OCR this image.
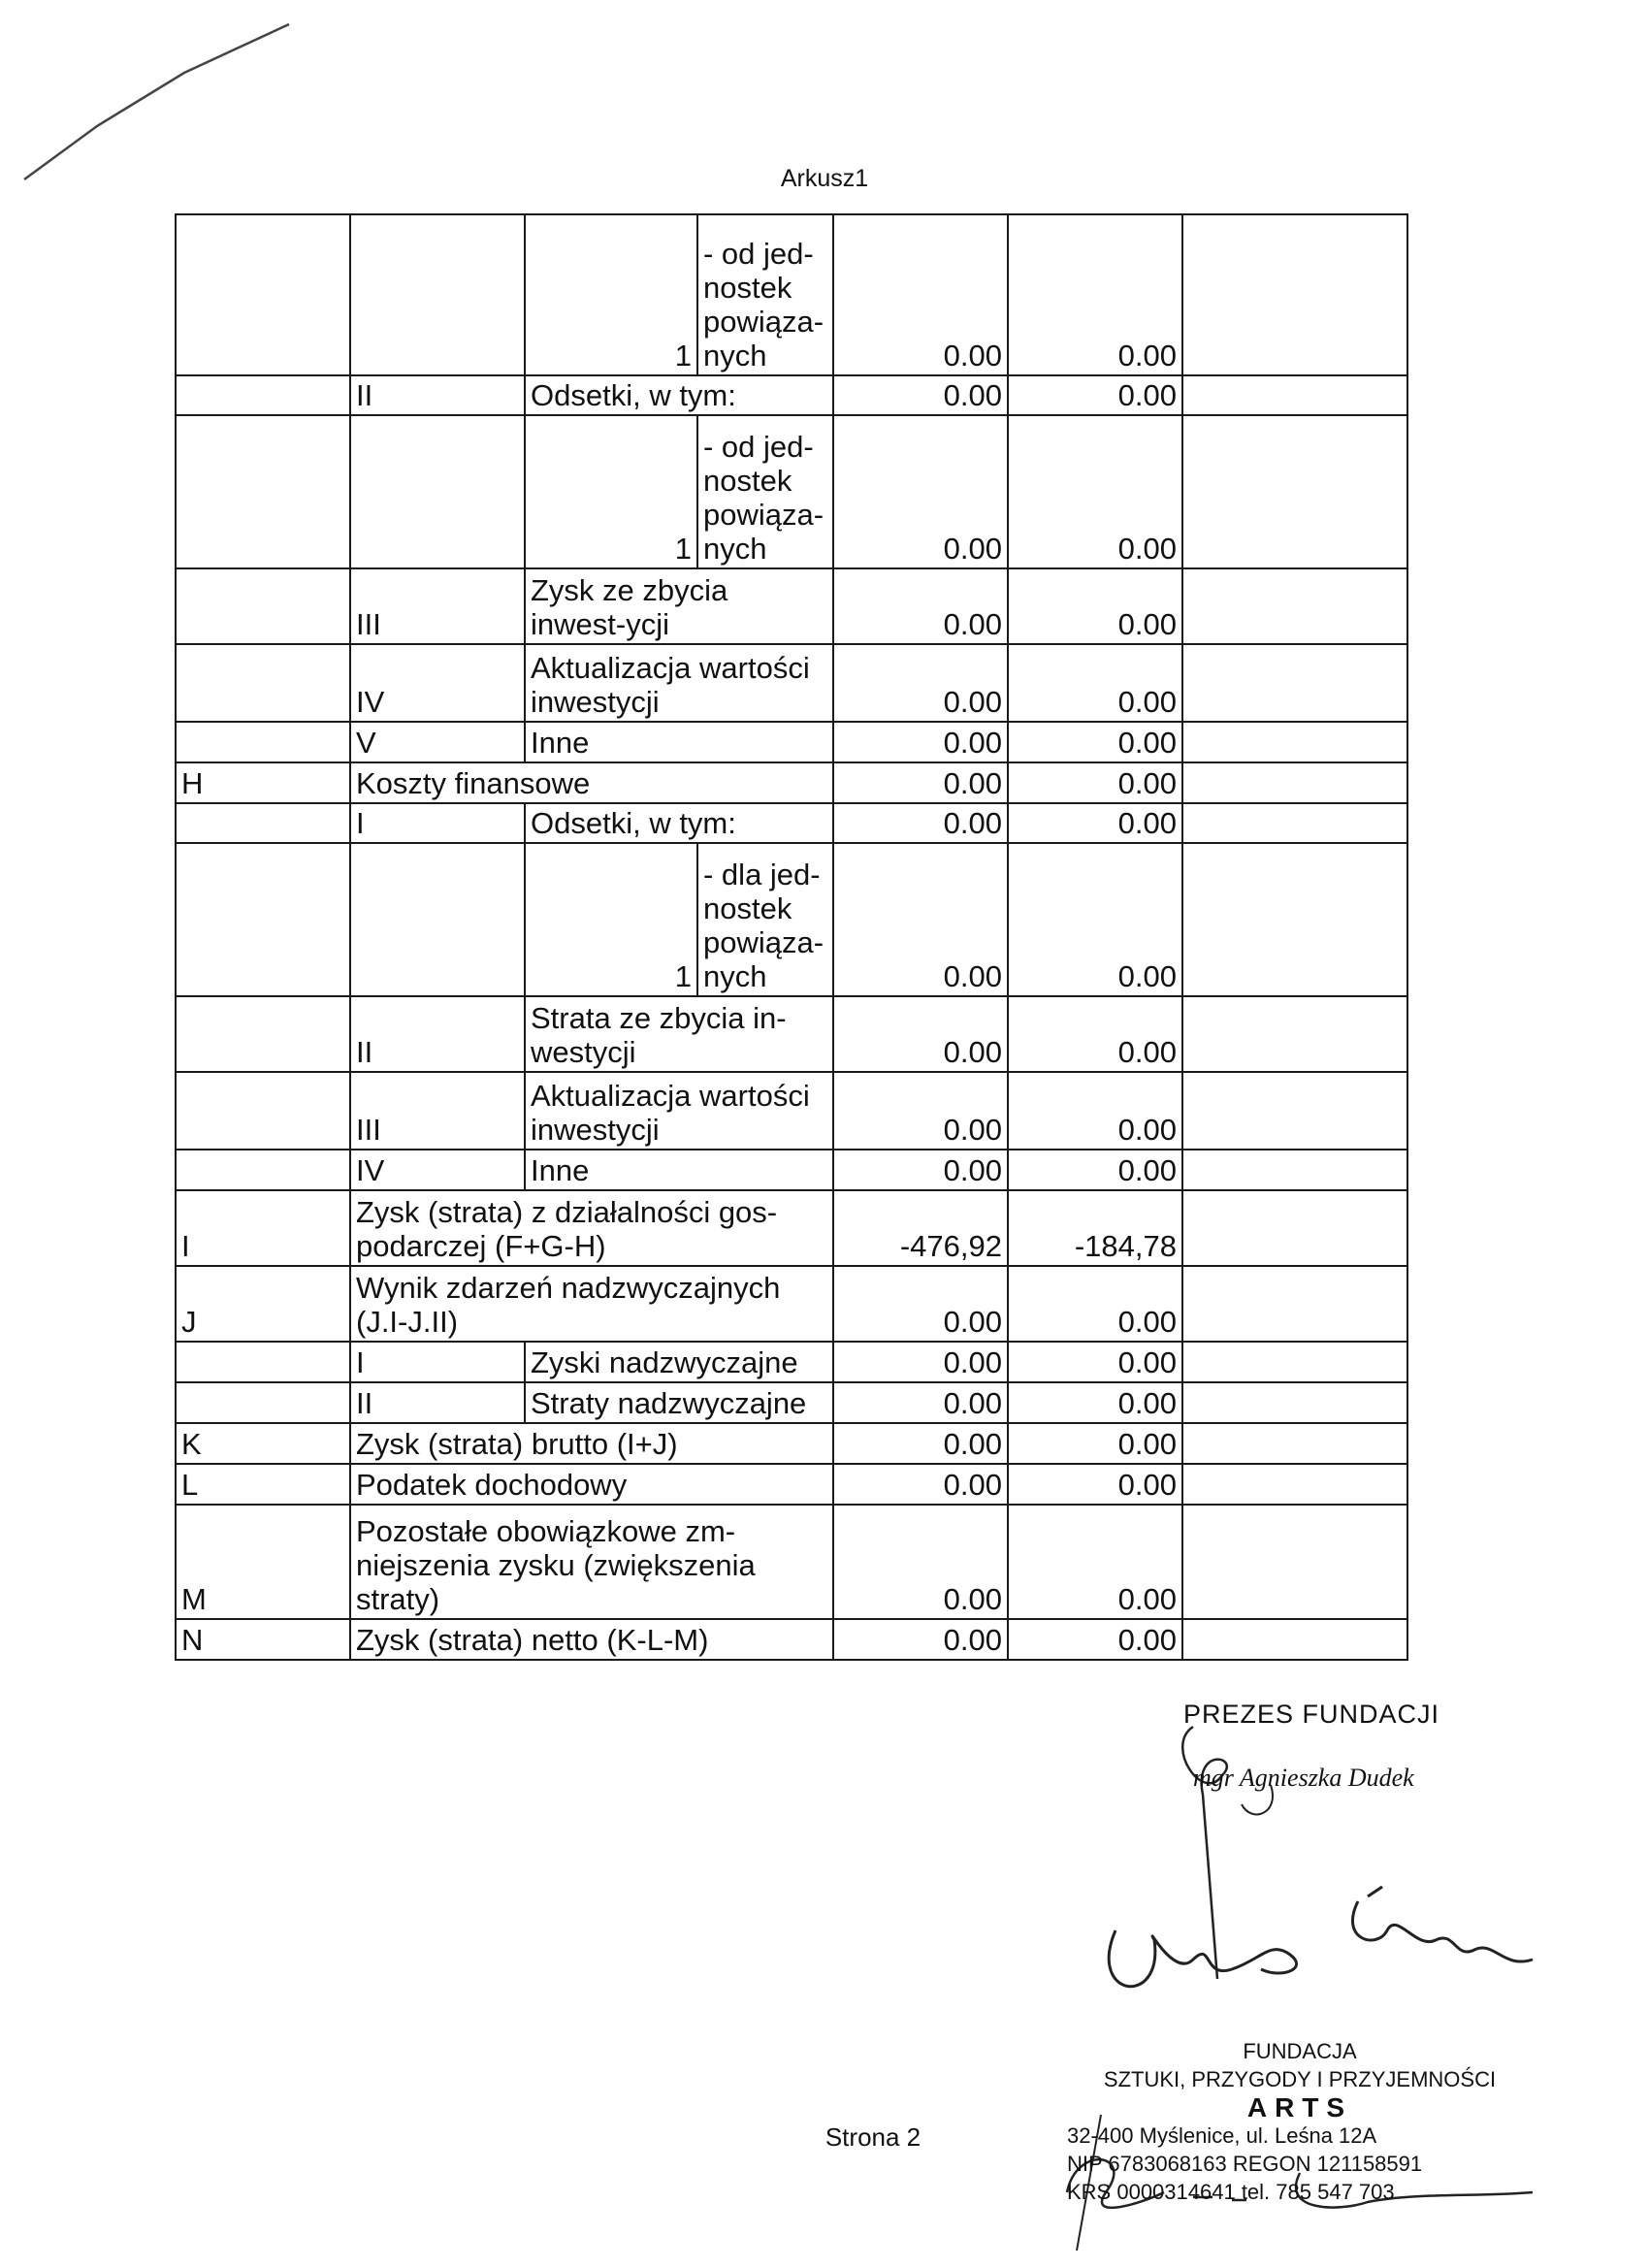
Arkusz1
		1	- od jed-nostek powiąza-nych	0.00	0.00	
	II	Odsetki, w tym:		0.00	0.00	
		1	- od jed-nostek powiąza-nych	0.00	0.00	
	III	Zysk ze zbycia inwest-ycji		0.00	0.00	
	IV	Aktualizacja wartości inwestycji		0.00	0.00	
	V	Inne		0.00	0.00	
H	Koszty finansowe			0.00	0.00	
	I	Odsetki, w tym:		0.00	0.00	
		1	- dla jed-nostek powiąza-nych	0.00	0.00	
	II	Strata ze zbycia in-westycji		0.00	0.00	
	III	Aktualizacja wartości inwestycji		0.00	0.00	
	IV	Inne		0.00	0.00	
I	Zysk (strata) z działalności gos-podarczej (F+G-H)			-476,92	-184,78	
J	Wynik zdarzeń nadzwyczajnych (J.I-J.II)			0.00	0.00	
	I	Zyski nadzwyczajne		0.00	0.00	
	II	Straty nadzwyczajne		0.00	0.00	
K	Zysk (strata) brutto (I+J)			0.00	0.00	
L	Podatek dochodowy			0.00	0.00	
M	Pozostałe obowiązkowe zm-niejszenia zysku (zwiększenia straty)			0.00	0.00	
N	Zysk (strata) netto (K-L-M)			0.00	0.00	
Strona 2
PREZES FUNDACJI
mgr Agnieszka Dudek
FUNDACJA
SZTUKI, PRZYGODY I PRZYJEMNOŚCI
ARTS
32-400 Myślenice, ul. Leśna 12A
NIP 6783068163 REGON 121158591
KRS 0000314641 tel. 785 547 703
